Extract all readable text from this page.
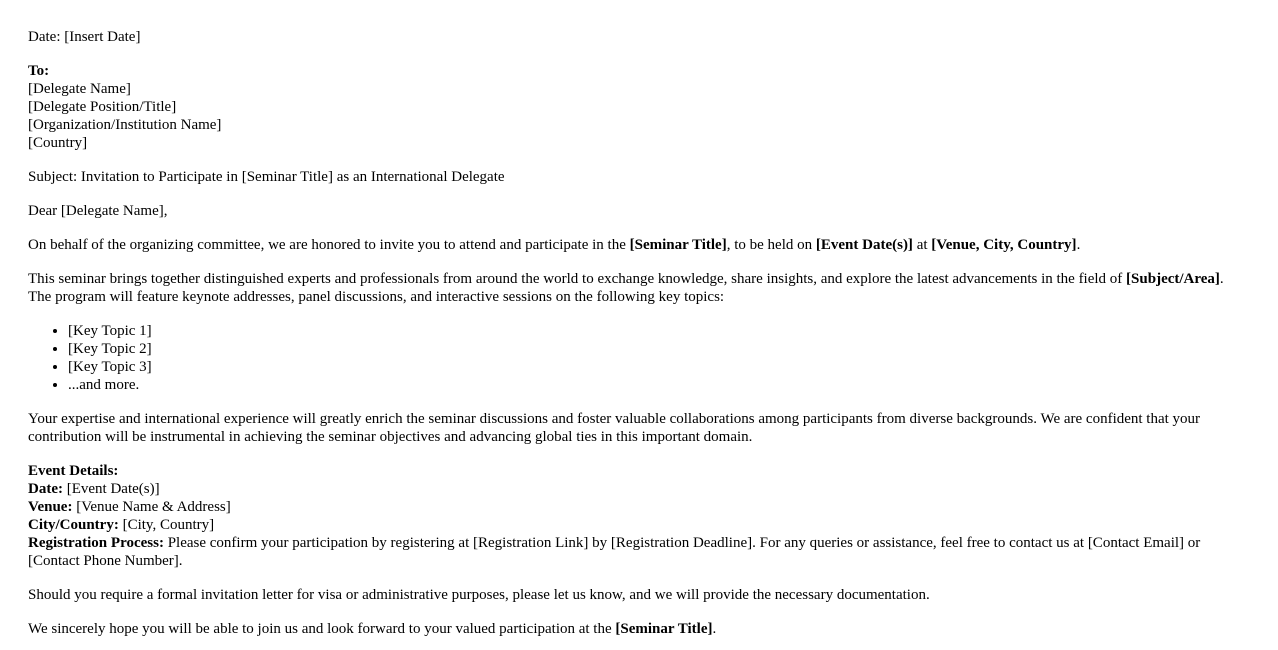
Date: [Insert Date]

To:
[Delegate Name]
[Delegate Position/Title]
[Organization/Institution Name]
[Country]

Subject: Invitation to Participate in [Seminar Title] as an International Delegate

Dear [Delegate Name],

On behalf of the organizing committee, we are honored to invite you to attend and participate in the [Seminar Title], to be held on [Event Date(s)] at [Venue, City, Country].

This seminar brings together distinguished experts and professionals from around the world to exchange knowledge, share insights, and explore the latest advancements in the field of [Subject/Area]. The program will feature keynote addresses, panel discussions, and interactive sessions on the following key topics:

• [Key Topic 1]
• [Key Topic 2]
• [Key Topic 3]
• ...and more.

Your expertise and international experience will greatly enrich the seminar discussions and foster valuable collaborations among participants from diverse backgrounds. We are confident that your contribution will be instrumental in achieving the seminar objectives and advancing global ties in this important domain.

Event Details:
Date: [Event Date(s)]
Venue: [Venue Name & Address]
City/Country: [City, Country]
Registration Process: Please confirm your participation by registering at [Registration Link] by [Registration Deadline]. For any queries or assistance, feel free to contact us at [Contact Email] or [Contact Phone Number].

Should you require a formal invitation letter for visa or administrative purposes, please let us know, and we will provide the necessary documentation.

We sincerely hope you will be able to join us and look forward to your valued participation at the [Seminar Title].
